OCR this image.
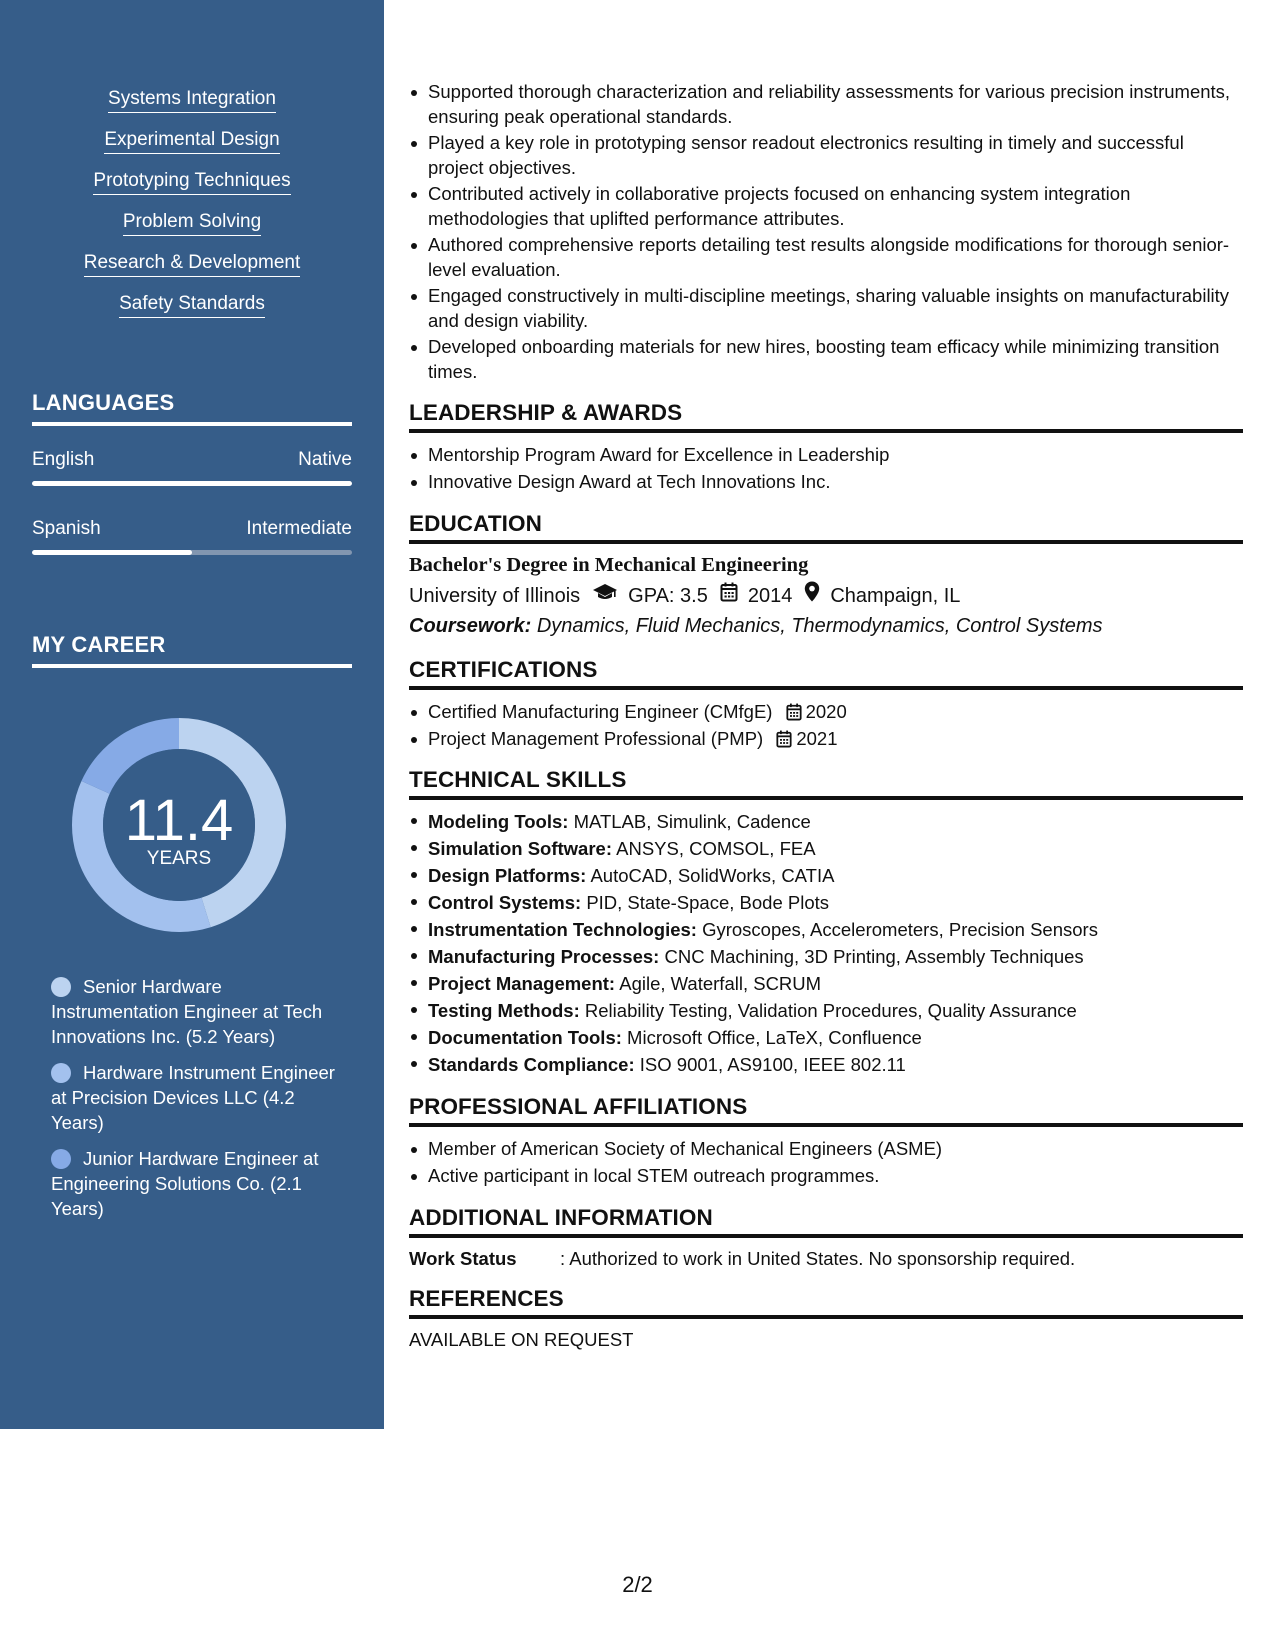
Systems Integration
Experimental Design
Prototyping Techniques
Problem Solving
Research & Development
Safety Standards
LANGUAGES
English	Native
Spanish	Intermediate
MY CAREER
11.4
YEARS
Senior Hardware Instrumentation Engineer at Tech Innovations Inc. (5.2 Years)
Hardware Instrument Engineer at Precision Devices LLC (4.2 Years)
Junior Hardware Engineer at Engineering Solutions Co. (2.1 Years)
Supported thorough characterization and reliability assessments for various precision instruments, ensuring peak operational standards.
Played a key role in prototyping sensor readout electronics resulting in timely and successful project objectives.
Contributed actively in collaborative projects focused on enhancing system integration methodologies that uplifted performance attributes.
Authored comprehensive reports detailing test results alongside modifications for thorough senior-level evaluation.
Engaged constructively in multi-discipline meetings, sharing valuable insights on manufacturability and design viability.
Developed onboarding materials for new hires, boosting team efficacy while minimizing transition times.
LEADERSHIP & AWARDS
Mentorship Program Award for Excellence in Leadership
Innovative Design Award at Tech Innovations Inc.
EDUCATION
Bachelor's Degree in Mechanical Engineering
University of Illinois GPA: 3.5 2014 Champaign, IL
Coursework: Dynamics, Fluid Mechanics, Thermodynamics, Control Systems
CERTIFICATIONS
Certified Manufacturing Engineer (CMfgE) 2020
Project Management Professional (PMP) 2021
TECHNICAL SKILLS
Modeling Tools: MATLAB, Simulink, Cadence
Simulation Software: ANSYS, COMSOL, FEA
Design Platforms: AutoCAD, SolidWorks, CATIA
Control Systems: PID, State-Space, Bode Plots
Instrumentation Technologies: Gyroscopes, Accelerometers, Precision Sensors
Manufacturing Processes: CNC Machining, 3D Printing, Assembly Techniques
Project Management: Agile, Waterfall, SCRUM
Testing Methods: Reliability Testing, Validation Procedures, Quality Assurance
Documentation Tools: Microsoft Office, LaTeX, Confluence
Standards Compliance: ISO 9001, AS9100, IEEE 802.11
PROFESSIONAL AFFILIATIONS
Member of American Society of Mechanical Engineers (ASME)
Active participant in local STEM outreach programmes.
ADDITIONAL INFORMATION
Work Status	: Authorized to work in United States. No sponsorship required.
REFERENCES
AVAILABLE ON REQUEST
2/2
